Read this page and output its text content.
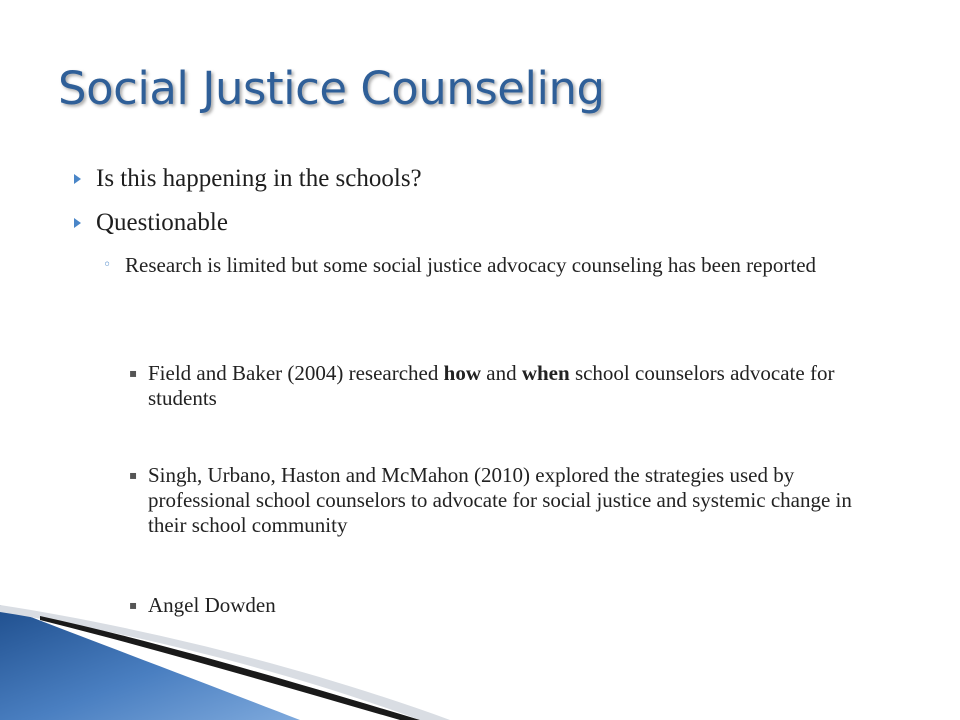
Social Justice Counseling
Is this happening in the schools?
Questionable
◦ Research is limited but some social justice advocacy counseling has been reported
▪ Field and Baker (2004) researched how and when school counselors advocate for students
▪ Singh, Urbano, Haston and McMahon (2010) explored the strategies used by professional school counselors to advocate for social justice and systemic change in their school community
▪ Angel Dowden
